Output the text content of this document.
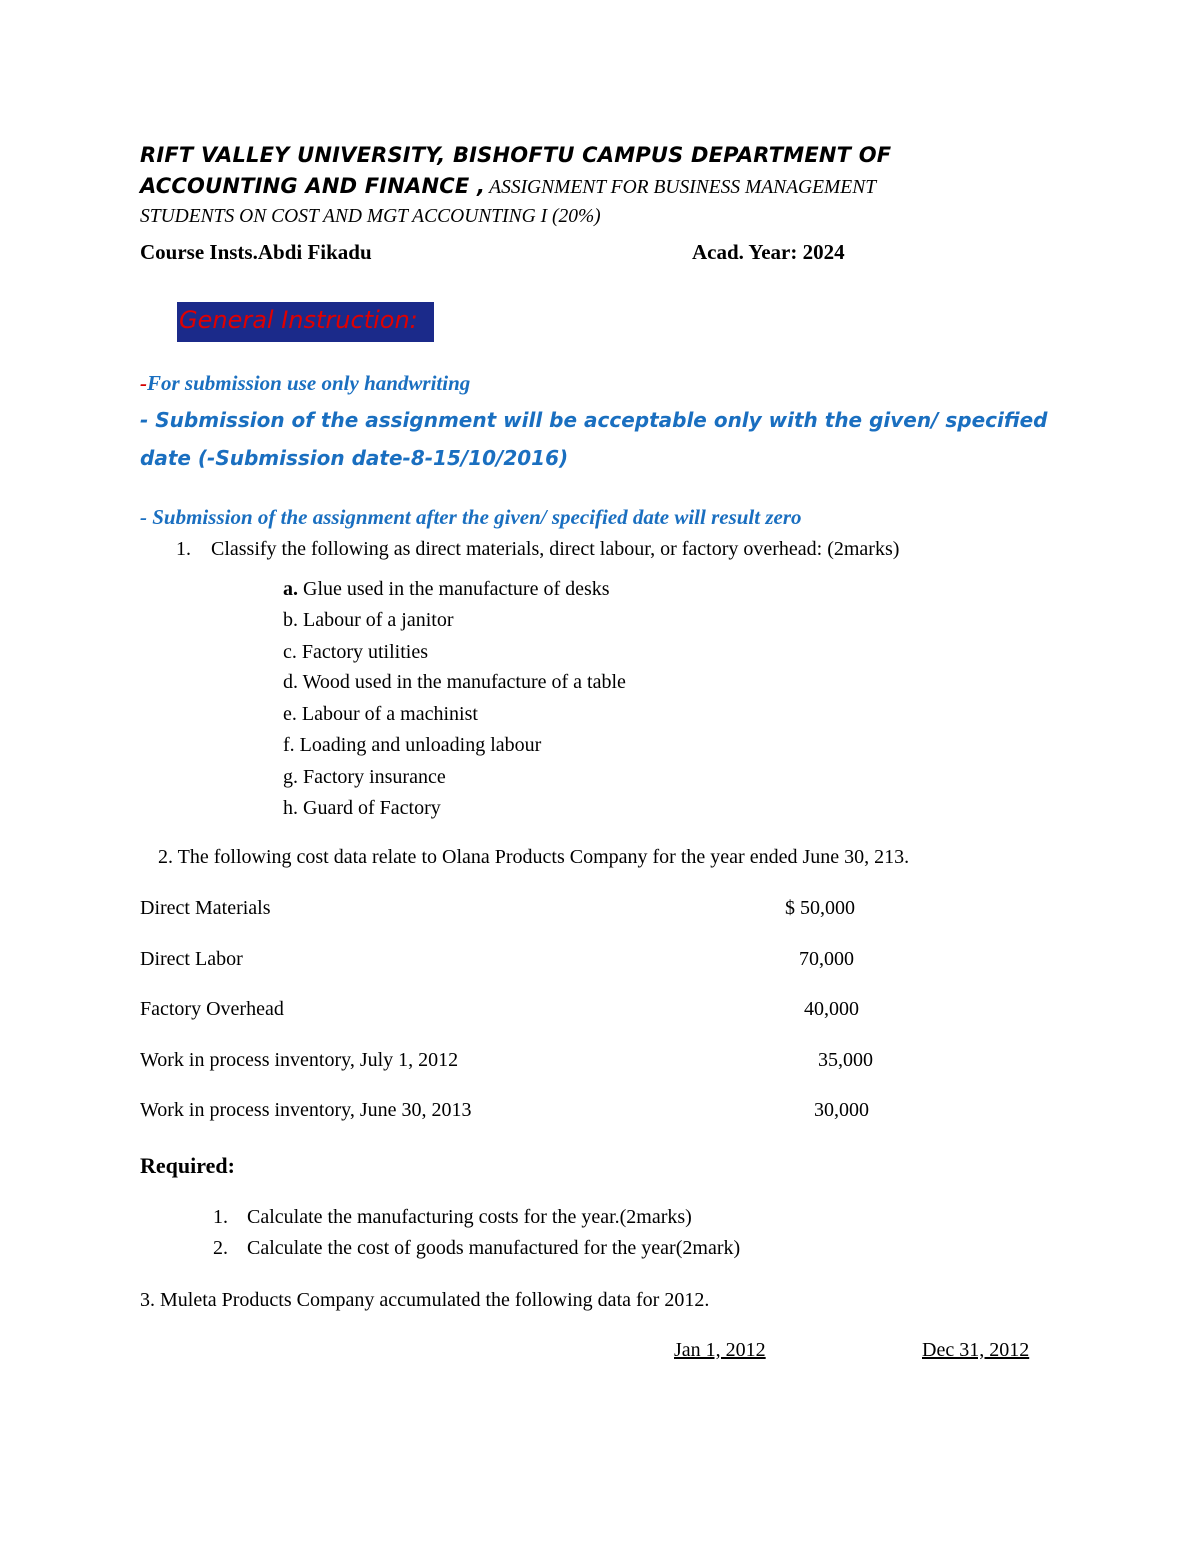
RIFT VALLEY UNIVERSITY, BISHOFTU CAMPUS DEPARTMENT OF
ACCOUNTING AND FINANCE , ASSIGNMENT FOR BUSINESS MANAGEMENT
STUDENTS ON COST AND MGT ACCOUNTING I (20%)
Course Insts.Abdi Fikadu	Acad. Year: 2024
General Instruction:
-For submission use only handwriting
- Submission of the assignment will be acceptable only with the given/ specified
date (-Submission date-8-15/10/2016)
- Submission of the assignment after the given/ specified date will result zero
1. Classify the following as direct materials, direct labour, or factory overhead: (2marks)
a. Glue used in the manufacture of desks
b. Labour of a janitor
c. Factory utilities
d. Wood used in the manufacture of a table
e. Labour of a machinist
f. Loading and unloading labour
g. Factory insurance
h. Guard of Factory
2. The following cost data relate to Olana Products Company for the year ended June 30, 213.
Direct Materials	$ 50,000
Direct Labor	70,000
Factory Overhead	40,000
Work in process inventory, July 1, 2012	35,000
Work in process inventory, June 30, 2013	30,000
Required:
1. Calculate the manufacturing costs for the year.(2marks)
2. Calculate the cost of goods manufactured for the year(2mark)
3. Muleta Products Company accumulated the following data for 2012.
Jan 1, 2012	Dec 31, 2012
